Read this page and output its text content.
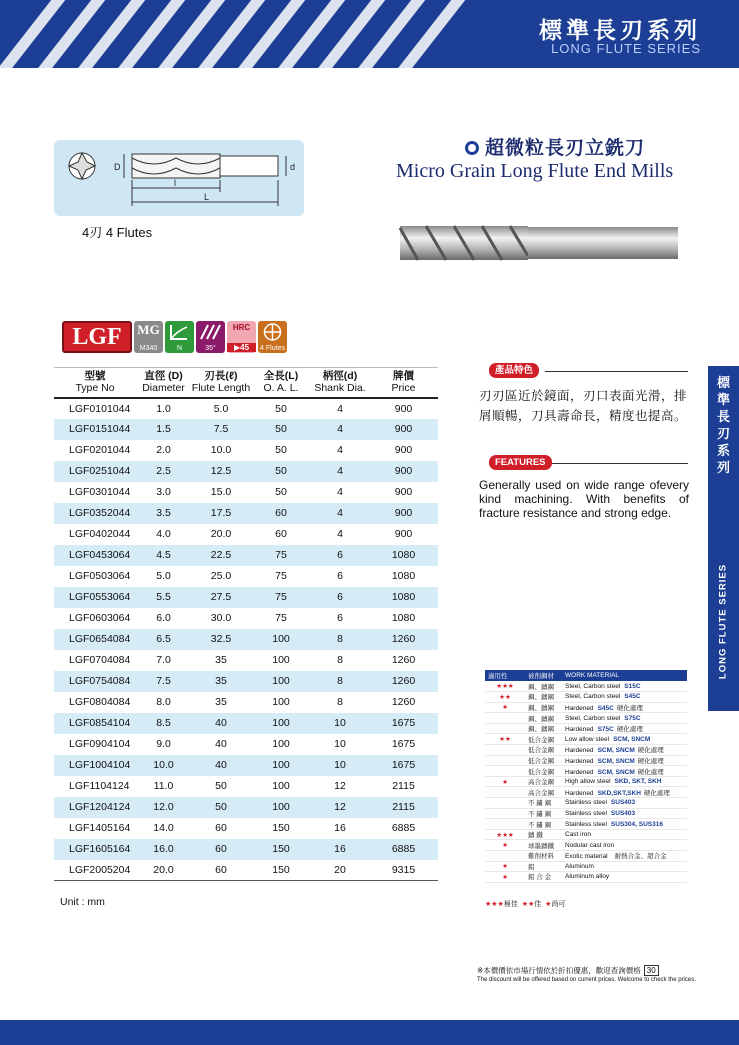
標準長刃系列
LONG FLUTE SERIES
D	d
l
L
4刃 4 Flutes
超微粒長刃立銑刀
Micro Grain Long Flute End Mills
LGF	MG
M340	N	35°
HRC
▶45	4 Flutes
型號
Type No	直徑 (D)
Diameter	刃長(ℓ)
Flute Length	全長(L)
O. A. L.	柄徑(d)
Shank Dia.	牌價
Price
LGF0101044	1.0	5.0	50	4	900
LGF0151044	1.5	7.5	50	4	900
LGF0201044	2.0	10.0	50	4	900
LGF0251044	2.5	12.5	50	4	900
LGF0301044	3.0	15.0	50	4	900
LGF0352044	3.5	17.5	60	4	900
LGF0402044	4.0	20.0	60	4	900
LGF0453064	4.5	22.5	75	6	1080
LGF0503064	5.0	25.0	75	6	1080
LGF0553064	5.5	27.5	75	6	1080
LGF0603064	6.0	30.0	75	6	1080
LGF0654084	6.5	32.5	100	8	1260
LGF0704084	7.0	35	100	8	1260
LGF0754084	7.5	35	100	8	1260
LGF0804084	8.0	35	100	8	1260
LGF0854104	8.5	40	100	10	1675
LGF0904104	9.0	40	100	10	1675
LGF1004104	10.0	40	100	10	1675
LGF1104124	11.0	50	100	12	2115
LGF1204124	12.0	50	100	12	2115
LGF1405164	14.0	60	150	16	6885
LGF1605164	16.0	60	150	16	6885
LGF2005204	20.0	60	150	20	9315
Unit : mm
產品特色
刃刃區近於鏡面，刃口表面光滑，排屑順暢，刀具壽命長，精度也提高。
FEATURES
Generally used on wide range ofevery kind machining. With benefits of fracture resistance and strong edge.
標
準
長
刃
系
列
LONG FLUTE SERIES
適用性	被削鋼材	WORK MATERIAL
★★★	鋼、鑄鋼	Steel, Carbon steel S15C
★★	鋼、鑄鋼	Steel, Carbon steel S45C
★	鋼、鑄鋼	Hardened S45C 硬化處理
	鋼、鑄鋼	Steel, Carbon steel S75C
	鋼、鑄鋼	Hardened S75C 硬化處理
★★	低合金鋼	Low allow steel SCM, SNCM
	低合金鋼	Hardened SCM, SNCM 硬化處理
	低合金鋼	Hardened SCM, SNCM 硬化處理
	低合金鋼	Hardened SCM, SNCM 硬化處理
★	高合金鋼	High allow steel SKD, SKT, SKH
	高合金鋼	Hardened SKD,SKT,SKH 硬化處理
	不 鏽 鋼	Stainless steel SUS403
	不 鏽 鋼	Stainless steel SUS403
	不 鏽 鋼	Stainless steel SUS304, SUS316
★★★	鑄 鐵	Cast iron
★	球墨鑄鐵	Nodular cast iron
	難削材料	Exotic material 耐熱合金、超合金
★	鋁	Aluminum
★	鋁 合 金	Aluminum alloy
★★★極佳 ★★佳 ★尚可
※本價價依市場行情依於折扣優惠，歡迎查詢價格 30
The discount will be offered based on current prices. Welcome to check the prices.
